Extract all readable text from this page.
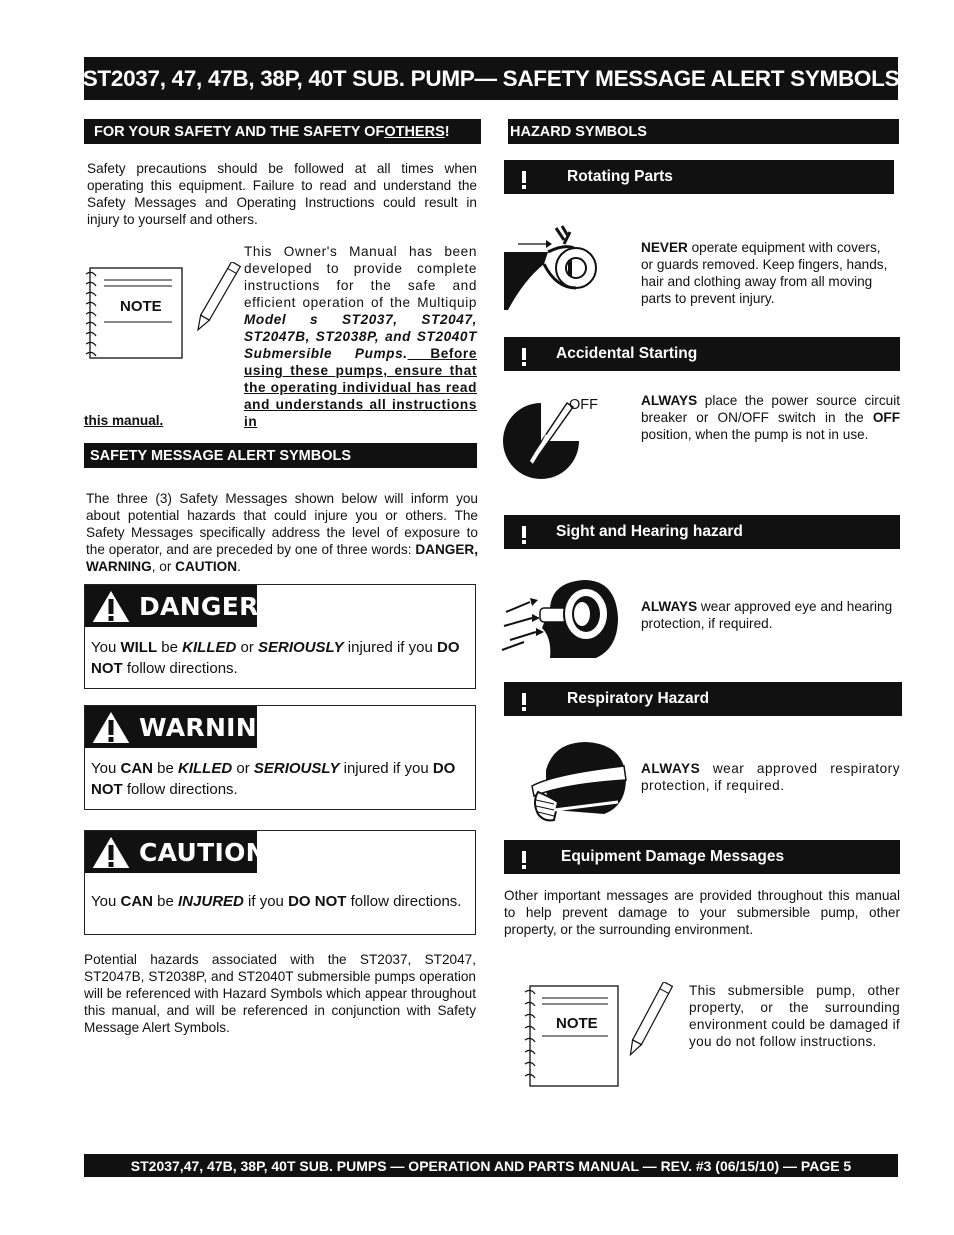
ST2037, 47, 47B, 38P, 40T SUB. PUMP— SAFETY MESSAGE ALERT SYMBOLS
FOR YOUR SAFETY AND THE SAFETY OF OTHERS !
Safety precautions should be followed at all times when operating this equipment. Failure to read and understand the Safety Messages and Operating Instructions could result in injury to yourself and others.
NOTE
This Owner's Manual has been developed to provide complete instructions for the safe and efficient operation of the Multiquip Model s ST2037, ST2047, ST2047B, ST2038P, and ST2040T Submersible Pumps. Before using these pumps, ensure that the operating individual has read and understands all instructions in
this manual.
SAFETY MESSAGE ALERT SYMBOLS
The three (3) Safety Messages shown below will inform you about potential hazards that could injure you or others. The Safety Messages specifically address the level of exposure to the operator, and are preceded by one of three words: DANGER, WARNING, or CAUTION.
DANGER
You WILL be KILLED or SERIOUSLY injured if you DO NOT follow directions.
WARNING
You CAN be KILLED or SERIOUSLY injured if you DO NOT follow directions.
CAUTION
You CAN be INJURED if you DO NOT follow directions.
Potential hazards associated with the ST2037, ST2047, ST2047B, ST2038P, and ST2040T submersible pumps operation will be referenced with Hazard Symbols which appear throughout this manual, and will be referenced in conjunction with Safety Message Alert Symbols.
HAZARD SYMBOLS
Rotating Parts
NEVER operate equipment with covers, or guards removed. Keep fingers, hands, hair and clothing away from all moving parts to prevent injury.
Accidental Starting
OFF	ALWAYS place the power source circuit breaker or ON/OFF switch in the OFF position, when the pump is not in use.
Sight and Hearing hazard
ALWAYS wear approved eye and hearing protection, if required.
Respiratory Hazard
ALWAYS wear approved respiratory protection, if required.
Equipment Damage Messages
Other important messages are provided throughout this manual to help prevent damage to your submersible pump, other property, or the surrounding environment.
NOTE
This submersible pump, other property, or the surrounding environment could be damaged if you do not follow instructions.
ST2037,47, 47B, 38P, 40T SUB. PUMPS — OPERATION AND PARTS MANUAL — REV. #3 (06/15/10) — PAGE 5
